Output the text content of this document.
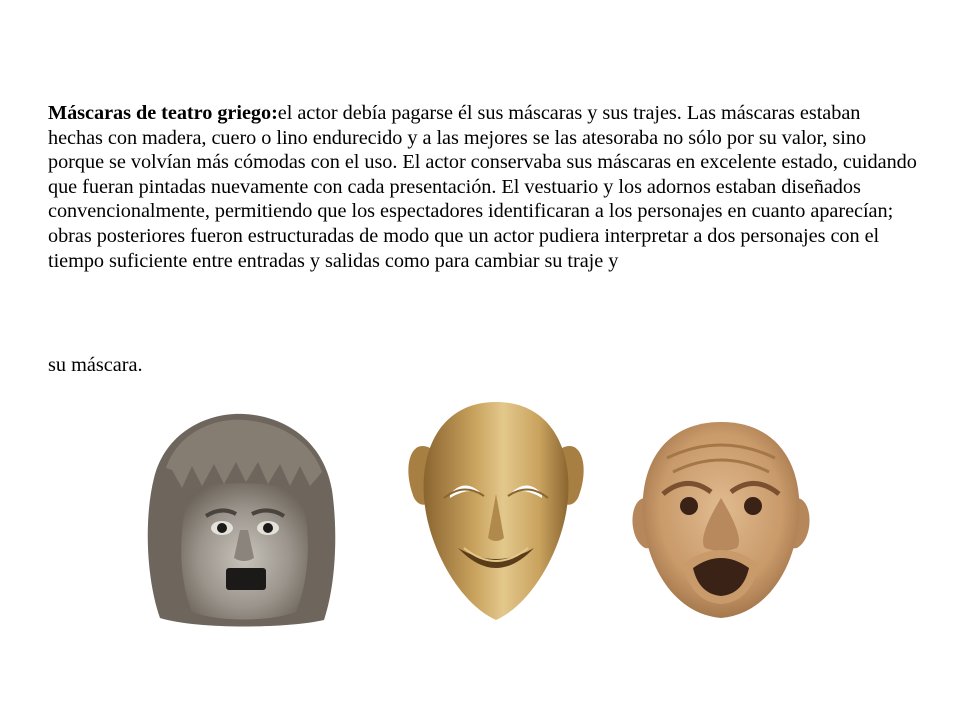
Máscaras de teatro griego:el actor debía pagarse él sus máscaras y sus trajes. Las máscaras estaban hechas con madera, cuero o lino endurecido y a las mejores se las atesoraba no sólo por su valor, sino porque se volvían más cómodas con el uso. El actor conservaba sus máscaras en excelente estado, cuidando que fueran pintadas nuevamente con cada presentación. El vestuario y los adornos estaban diseñados convencionalmente, permitiendo que los espectadores identificaran a los personajes en cuanto aparecían; obras posteriores fueron estructuradas de modo que un actor pudiera interpretar a dos personajes con el tiempo suficiente entre entradas y salidas como para cambiar su traje y

su máscara.
